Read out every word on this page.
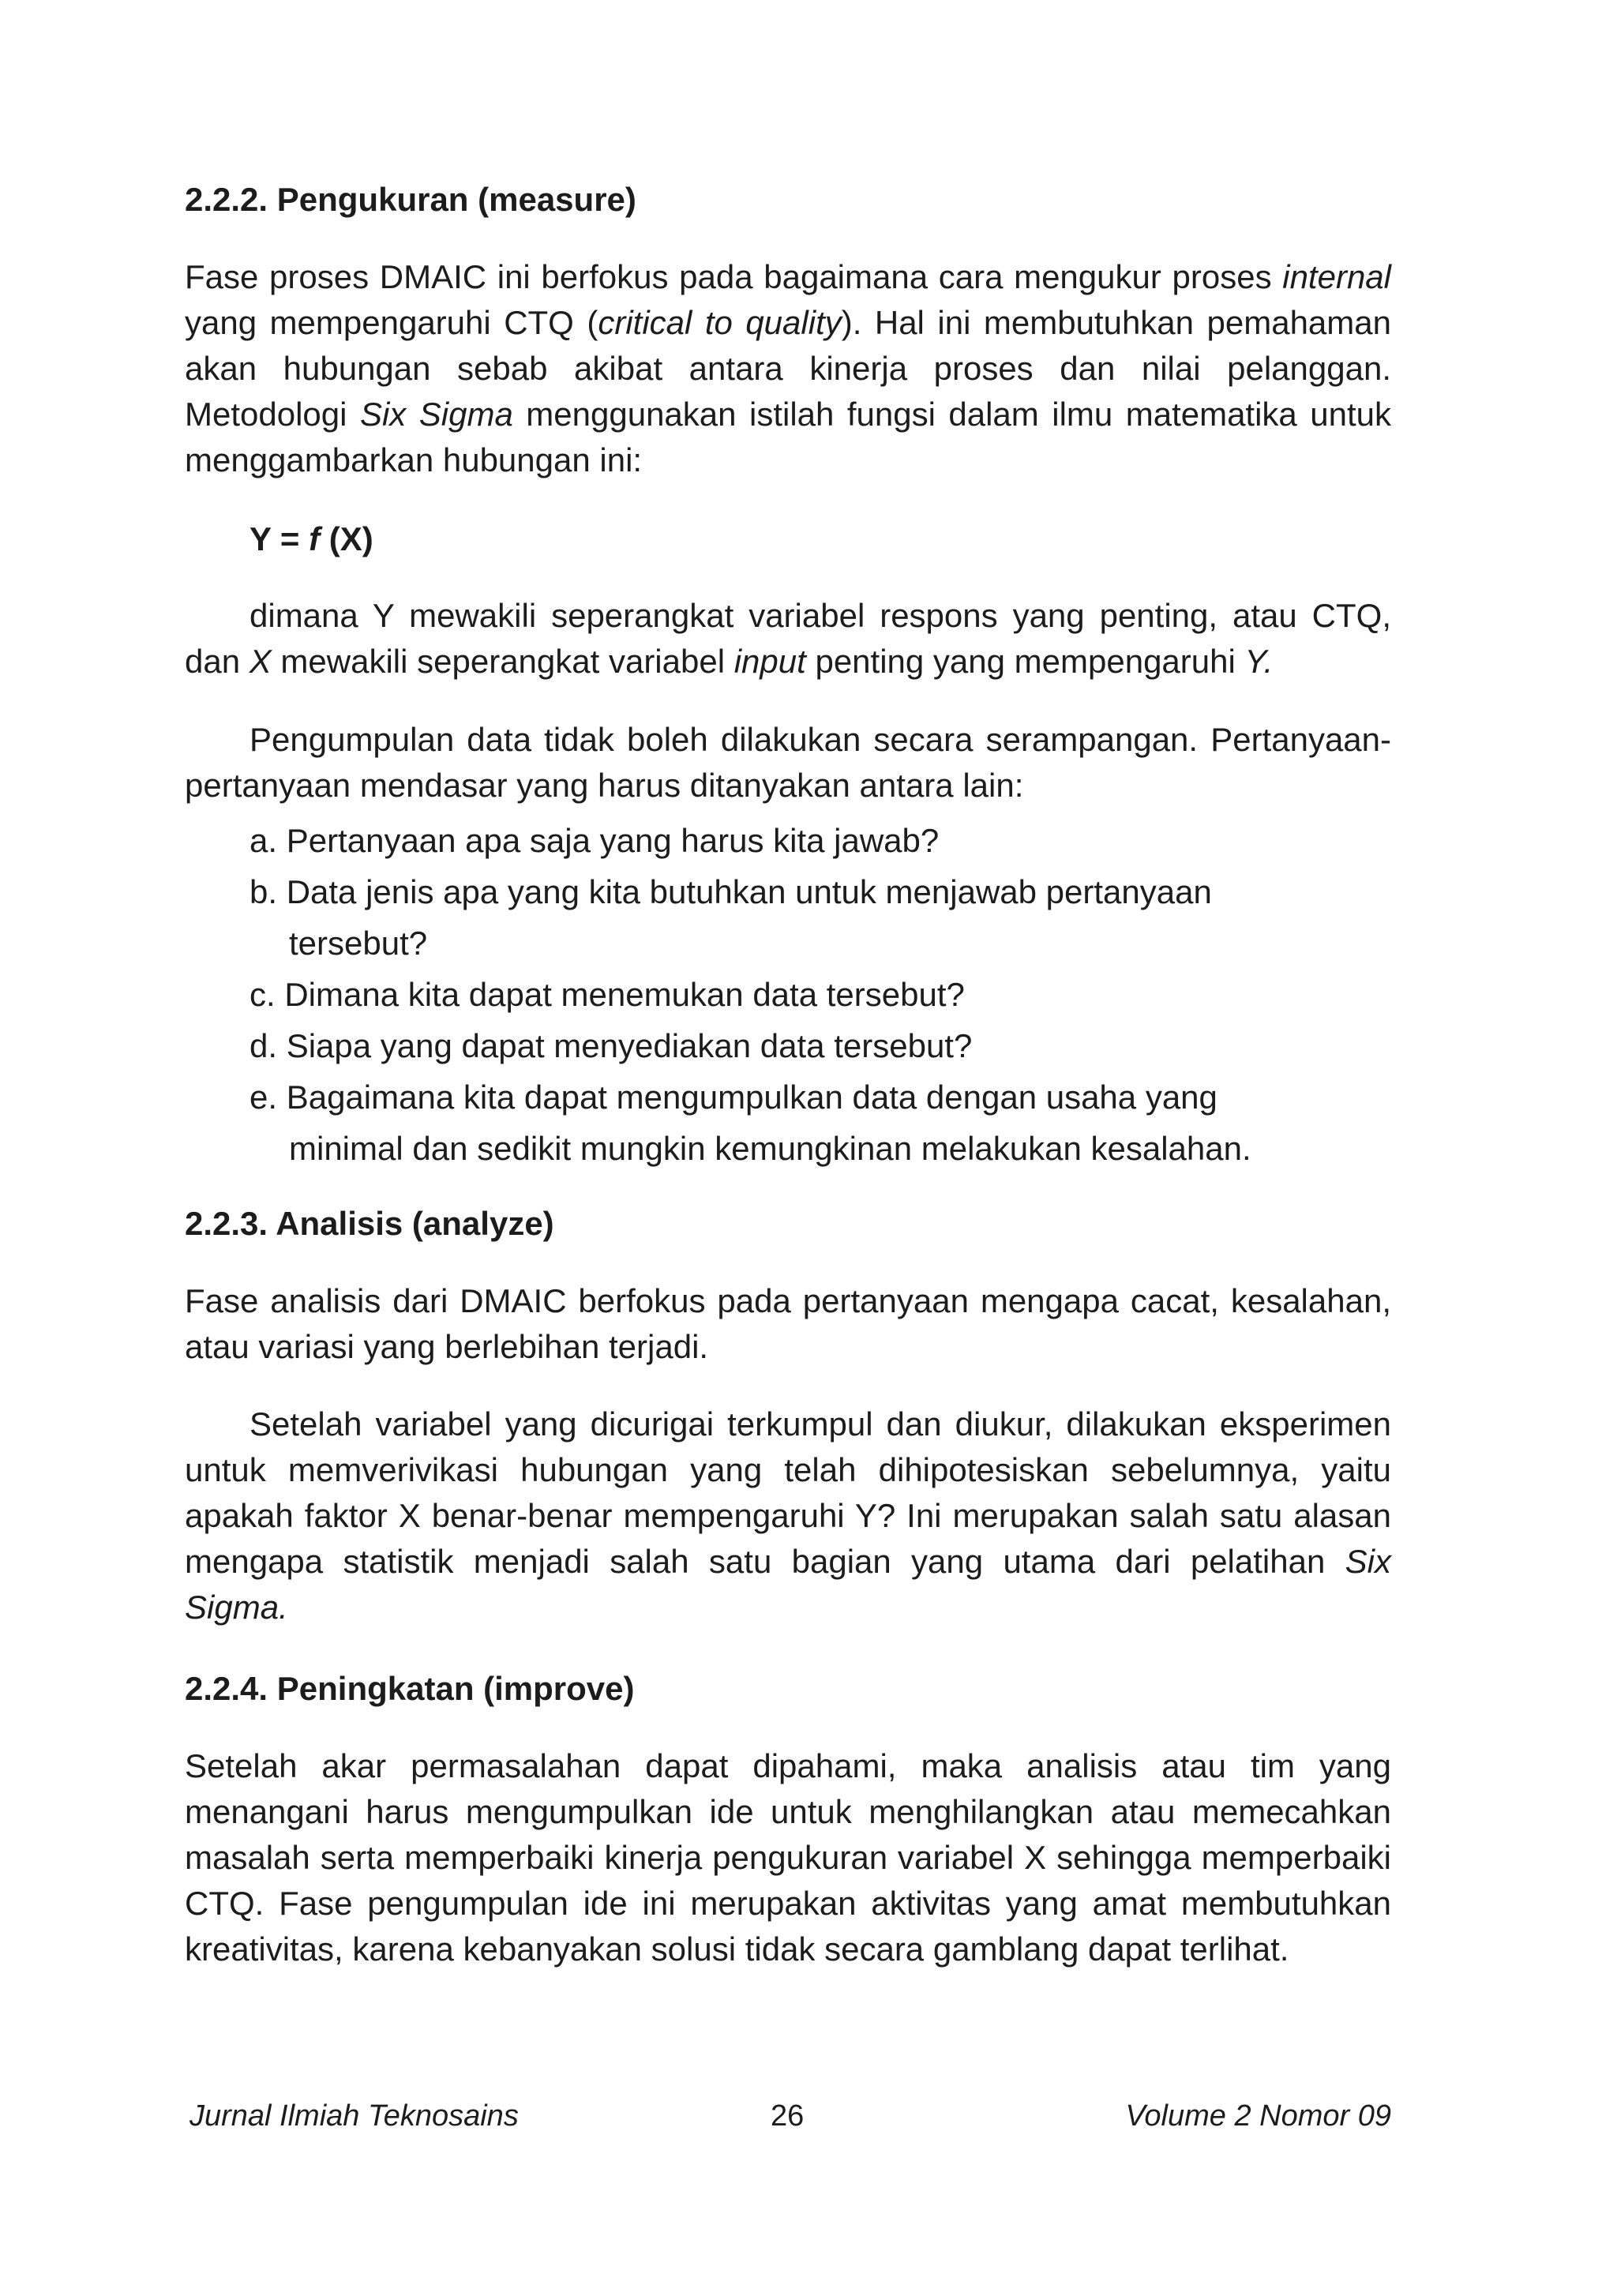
2.2.2. Pengukuran (measure)

Fase proses DMAIC ini berfokus pada bagaimana cara mengukur proses internal yang mempengaruhi CTQ (critical to quality). Hal ini membutuhkan pemahaman akan hubungan sebab akibat antara kinerja proses dan nilai pelanggan. Metodologi Six Sigma menggunakan istilah fungsi dalam ilmu matematika untuk menggambarkan hubungan ini:

Y = f (X)

dimana Y mewakili seperangkat variabel respons yang penting, atau CTQ, dan X mewakili seperangkat variabel input penting yang mempengaruhi Y.

Pengumpulan data tidak boleh dilakukan secara serampangan. Pertanyaan-pertanyaan mendasar yang harus ditanyakan antara lain:

a. Pertanyaan apa saja yang harus kita jawab?
b. Data jenis apa yang kita butuhkan untuk menjawab pertanyaan tersebut?
c. Dimana kita dapat menemukan data tersebut?
d. Siapa yang dapat menyediakan data tersebut?
e. Bagaimana kita dapat mengumpulkan data dengan usaha yang minimal dan sedikit mungkin kemungkinan melakukan kesalahan.
2.2.3. Analisis (analyze)

Fase analisis dari DMAIC berfokus pada pertanyaan mengapa cacat, kesalahan, atau variasi yang berlebihan terjadi.

Setelah variabel yang dicurigai terkumpul dan diukur, dilakukan eksperimen untuk memverivikasi hubungan yang telah dihipotesiskan sebelumnya, yaitu apakah faktor X benar-benar mempengaruhi Y? Ini merupakan salah satu alasan mengapa statistik menjadi salah satu bagian yang utama dari pelatihan Six Sigma.

2.2.4. Peningkatan (improve)

Setelah akar permasalahan dapat dipahami, maka analisis atau tim yang menangani harus mengumpulkan ide untuk menghilangkan atau memecahkan masalah serta memperbaiki kinerja pengukuran variabel X sehingga memperbaiki CTQ. Fase pengumpulan ide ini merupakan aktivitas yang amat membutuhkan kreativitas, karena kebanyakan solusi tidak secara gamblang dapat terlihat.

Jurnal Ilmiah Teknosains	26	Volume 2 Nomor 09
